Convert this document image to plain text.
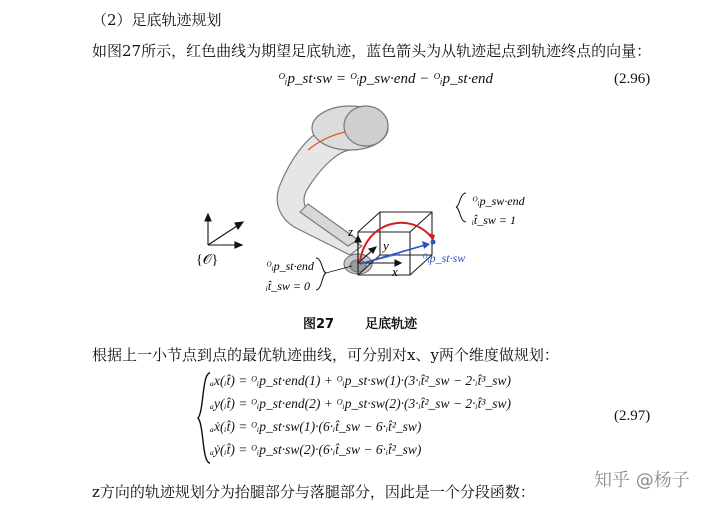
（2）足底轨迹规划
如图27所示，红色曲线为期望足底轨迹，蓝色箭头为从轨迹起点到轨迹终点的向量：
ᴼᵢp_st·sw = ᴼᵢp_sw·end − ᴼᵢp_st·end	(2.96)
z
y
x
{𝒪}	ᴼᵢp_st·end
ᵢt̂_sw = 0
ᴼᵢp_sw·end
ᵢt̂_sw = 1
ᴼᵢp_st·sw
图27 足底轨迹
根据上一小节点到点的最优轨迹曲线，可分别对x、y两个维度做规划：
ₐx(ᵢt̂) = ᴼᵢp_st·end(1) + ᴼᵢp_st·sw(1)·(3·ᵢt̂²_sw − 2·ᵢt̂³_sw)
ₐy(ᵢt̂) = ᴼᵢp_st·end(2) + ᴼᵢp_st·sw(2)·(3·ᵢt̂²_sw − 2·ᵢt̂³_sw)
ₐẋ(ᵢt̂) = ᴼᵢp_st·sw(1)·(6·ᵢt̂_sw − 6·ᵢt̂²_sw)
ₐẏ(ᵢt̂) = ᴼᵢp_st·sw(2)·(6·ᵢt̂_sw − 6·ᵢt̂²_sw)
(2.97)
z方向的轨迹规划分为抬腿部分与落腿部分，因此是一个分段函数：
知乎 @杨子
